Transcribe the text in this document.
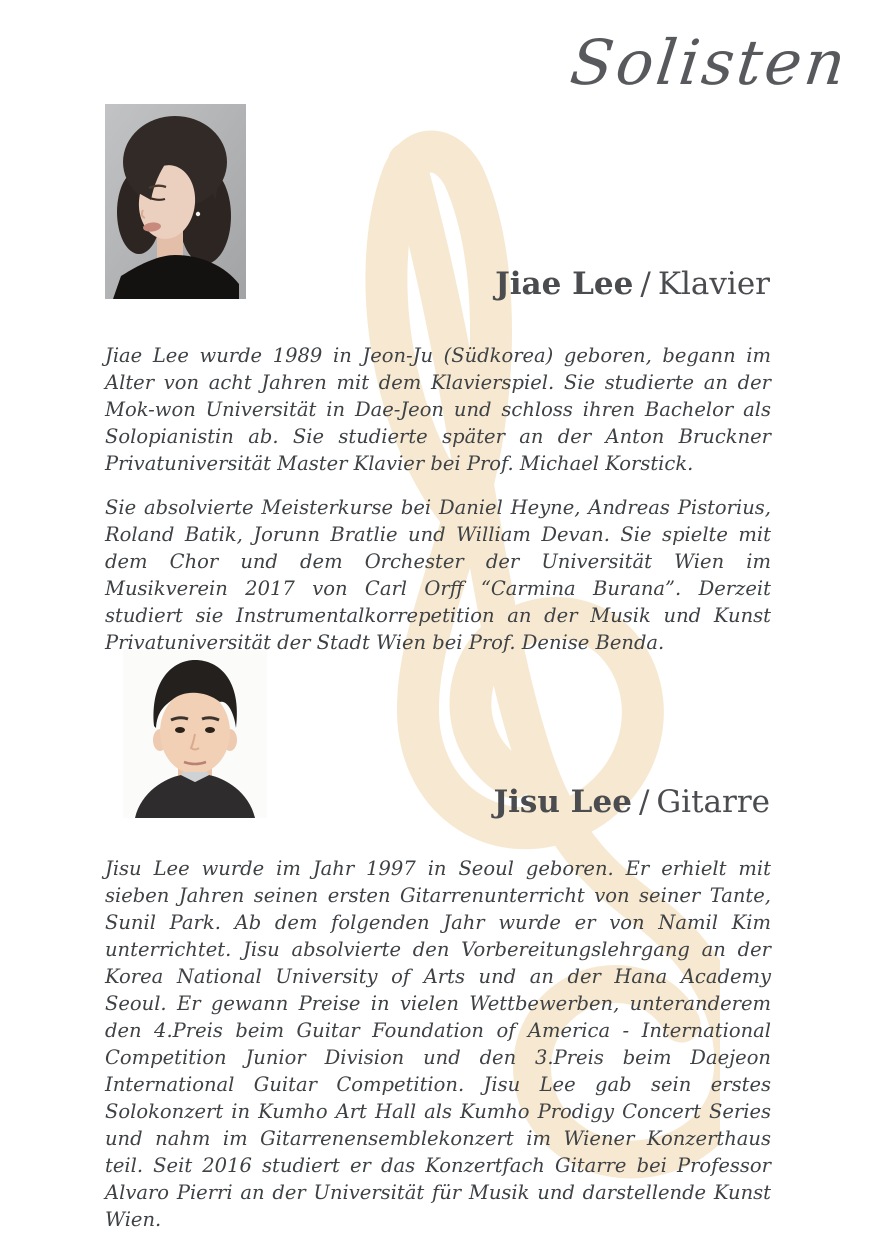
Solisten
Jiae Lee / Klavier

Jiae Lee wurde 1989 in Jeon-Ju (Südkorea) geboren, begann im Alter von acht Jahren mit dem Klavierspiel. Sie studierte an der Mok-won Universität in Dae-Jeon und schloss ihren Bachelor als Solopianistin ab. Sie studierte später an der Anton Bruckner Privatuniversität Master Klavier bei Prof. Michael Korstick.

Sie absolvierte Meisterkurse bei Daniel Heyne, Andreas Pistorius, Roland Batik, Jorunn Bratlie und William Devan. Sie spielte mit dem Chor und dem Orchester der Universität Wien im Musikverein 2017 von Carl Orff “Carmina Burana”. Derzeit studiert sie Instrumentalkorrepetition an der Musik und Kunst Privatuniversität der Stadt Wien bei Prof. Denise Benda.

Jisu Lee / Gitarre

Jisu Lee wurde im Jahr 1997 in Seoul geboren. Er erhielt mit sieben Jahren seinen ersten Gitarrenunterricht von seiner Tante, Sunil Park. Ab dem folgenden Jahr wurde er von Namil Kim unterrichtet. Jisu absolvierte den Vorbereitungslehrgang an der Korea National University of Arts und an der Hana Academy Seoul. Er gewann Preise in vielen Wettbewerben, unteranderem den 4.Preis beim Guitar Foundation of America - International Competition Junior Division und den 3.Preis beim Daejeon International Guitar Competition. Jisu Lee gab sein erstes Solokonzert in Kumho Art Hall als Kumho Prodigy Concert Series und nahm im Gitarrenensemblekonzert im Wiener Konzerthaus teil. Seit 2016 studiert er das Konzertfach Gitarre bei Professor Alvaro Pierri an der Universität für Musik und darstellende Kunst Wien.
